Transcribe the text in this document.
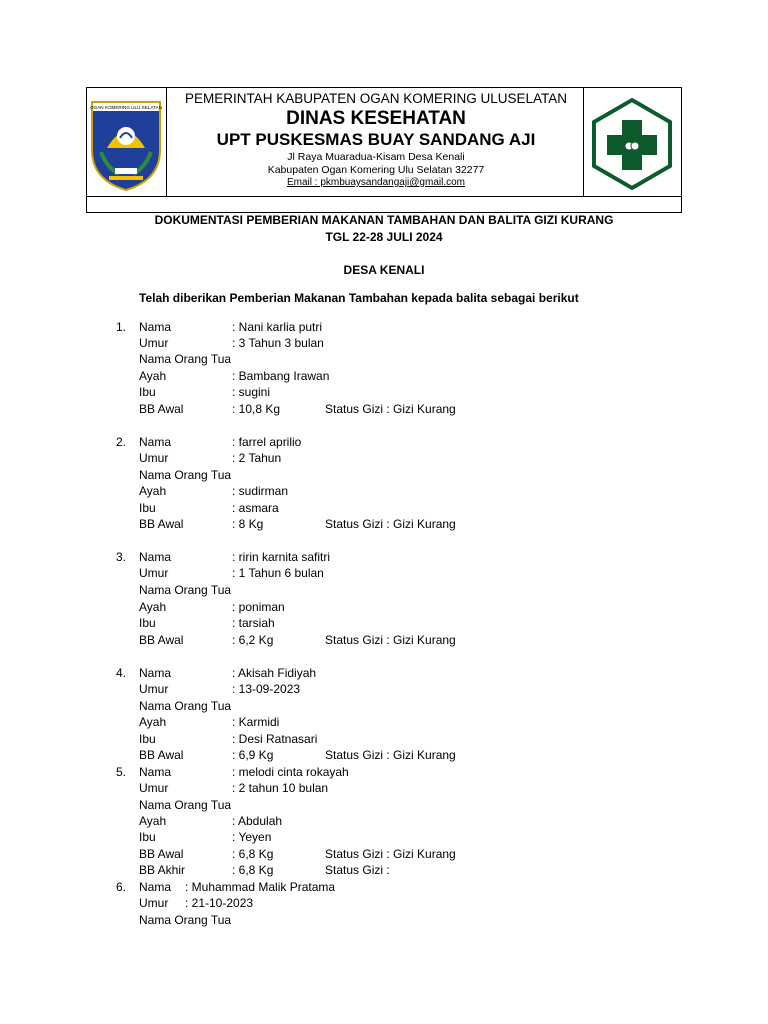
OGAN KOMERING ULU SELATAN
PEMERINTAH KABUPATEN OGAN KOMERING ULUSELATAN
DINAS KESEHATAN
UPT PUSKESMAS BUAY SANDANG AJI
Jl Raya Muaradua-Kisam Desa Kenali
Kabupaten Ogan Komering Ulu Selatan 32277
Email : pkmbuaysandangaji@gmail.com
DOKUMENTASI PEMBERIAN MAKANAN TAMBAHAN DAN BALITA GIZI KURANG
TGL 22-28 JULI 2024
DESA KENALI
Telah diberikan Pemberian Makanan Tambahan kepada balita sebagai berikut
1. Nama	: Nani karlia putri
Umur	: 3 Tahun 3 bulan
Nama Orang Tua
Ayah	: Bambang Irawan
Ibu	: sugini
BB Awal	: 10,8 Kg	Status Gizi : Gizi Kurang
2. Nama	: farrel aprilio
Umur	: 2 Tahun
Nama Orang Tua
Ayah	: sudirman
Ibu	: asmara
BB Awal	: 8 Kg	Status Gizi : Gizi Kurang
3. Nama	: ririn karnita safitri
Umur	: 1 Tahun 6 bulan
Nama Orang Tua
Ayah	: poniman
Ibu	: tarsiah
BB Awal	: 6,2 Kg	Status Gizi : Gizi Kurang
4. Nama	: Akisah Fidiyah
Umur	: 13-09-2023
Nama Orang Tua
Ayah	: Karmidi
Ibu	: Desi Ratnasari
BB Awal	: 6,9 Kg	Status Gizi : Gizi Kurang
5. Nama	: melodi cinta rokayah
Umur	: 2 tahun 10 bulan
Nama Orang Tua
Ayah	: Abdulah
Ibu	: Yeyen
BB Awal	: 6,8 Kg	Status Gizi : Gizi Kurang
BB Akhir	: 6,8 Kg	Status Gizi :
6. Nama : Muhammad Malik Pratama
Umur : 21-10-2023
Nama Orang Tua
